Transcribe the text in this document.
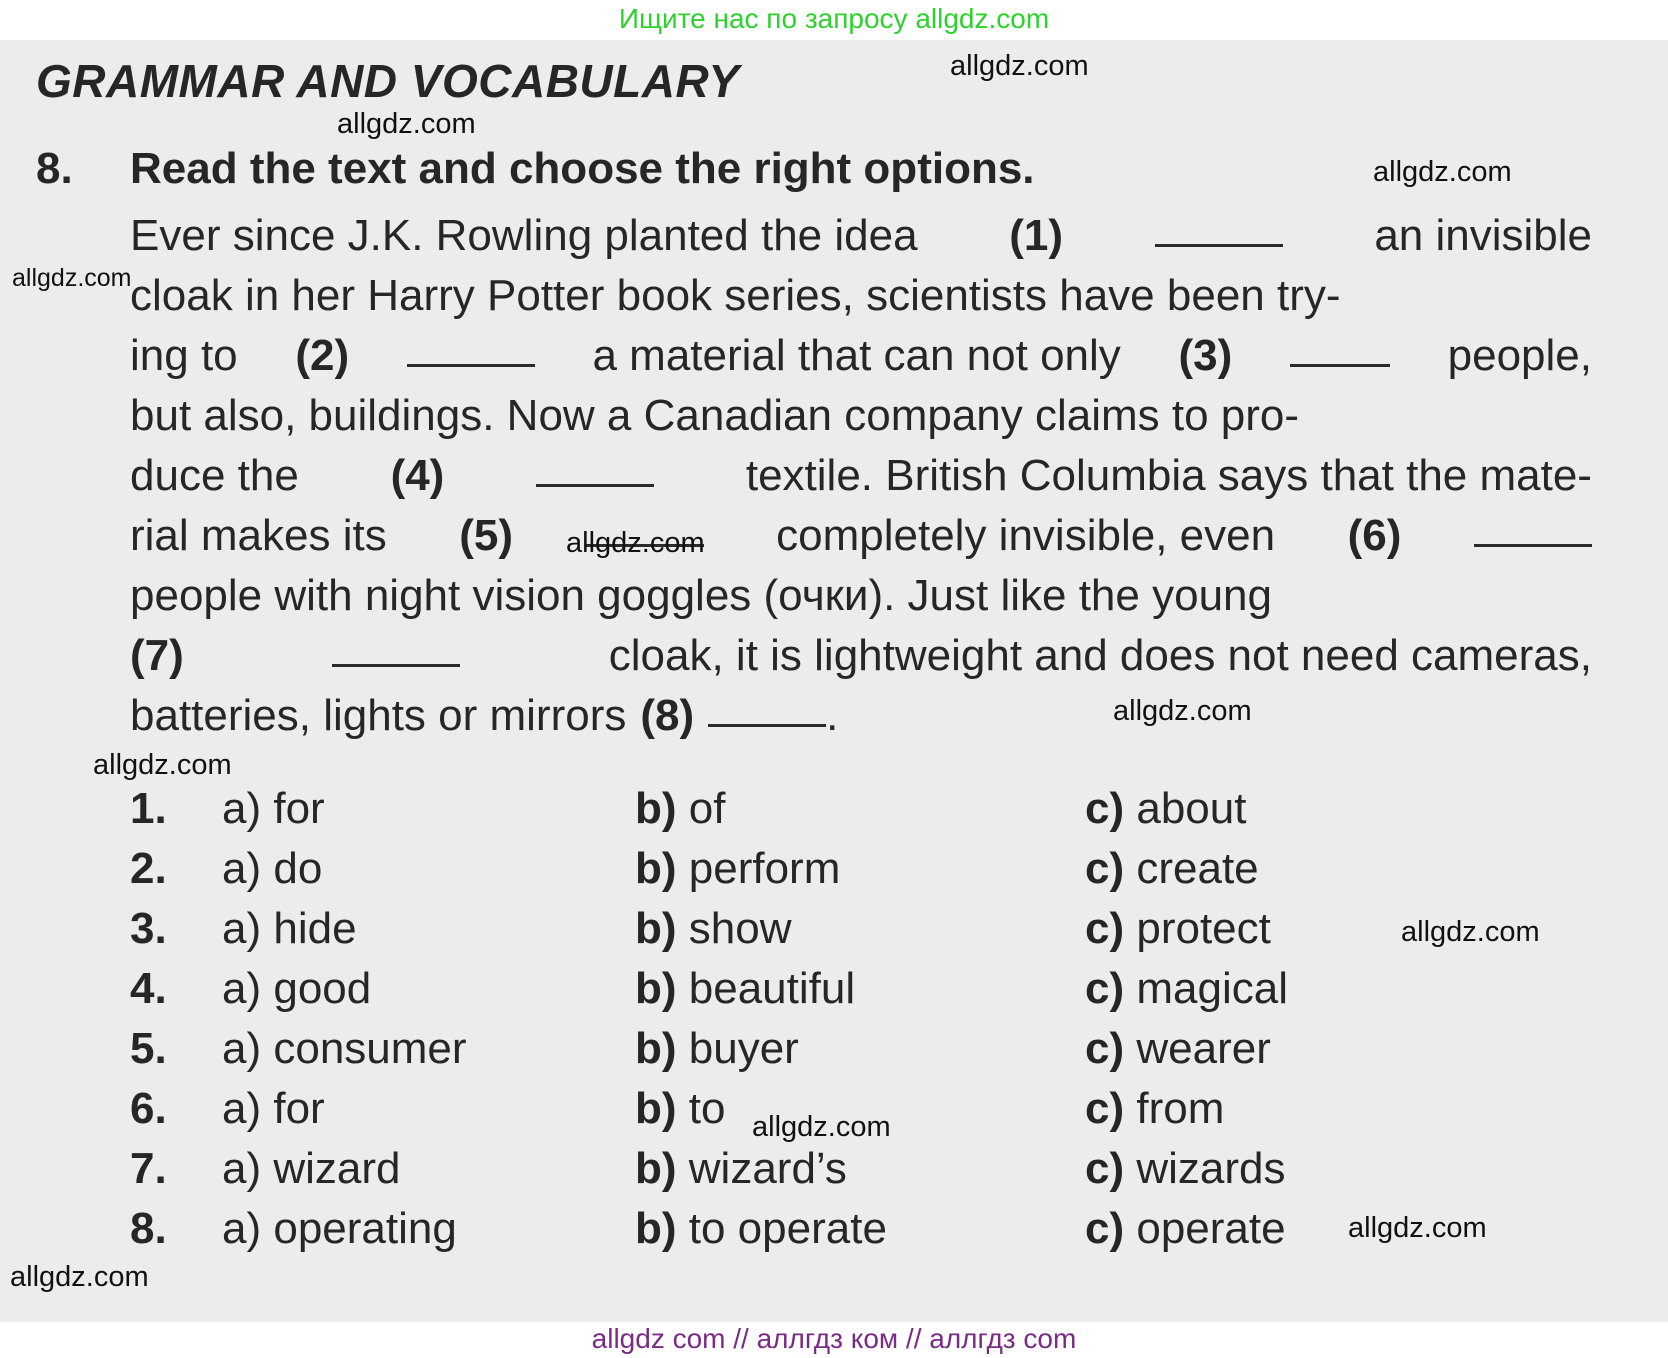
Ищите нас по запросу allgdz.com
GRAMMAR AND VOCABULARY
8. Read the text and choose the right options.
Ever since J.K. Rowling planted the idea (1)	an invisible
cloak in her Harry Potter book series, scientists have been try-
ing to (2)	a material that can not only (3)	people,
but also, buildings. Now a Canadian company claims to pro-
duce the (4)	textile. British Columbia says that the mate-
rial makes its (5)	completely invisible, even (6)
people with night vision goggles (очки). Just like the young
(7)	cloak, it is lightweight and does not need cameras,
batteries, lights or mirrors (8)	.
1. a) for	b) of	c) about
2. a) do	b) perform	c) create
3. a) hide	b) show	c) protect
4. a) good	b) beautiful	c) magical
5. a) consumer	b) buyer	c) wearer
6. a) for	b) to	c) from
7. a) wizard	b) wizard’s	c) wizards
8. a) operating	b) to operate	c) operate
allgdz.com
allgdz.com
allgdz.com
allgdz.com
allgdz.com
allgdz.com
allgdz.com
allgdz.com
allgdz.com
allgdz.com
allgdz.com
allgdz com // аллгдз ком // аллгдз com
